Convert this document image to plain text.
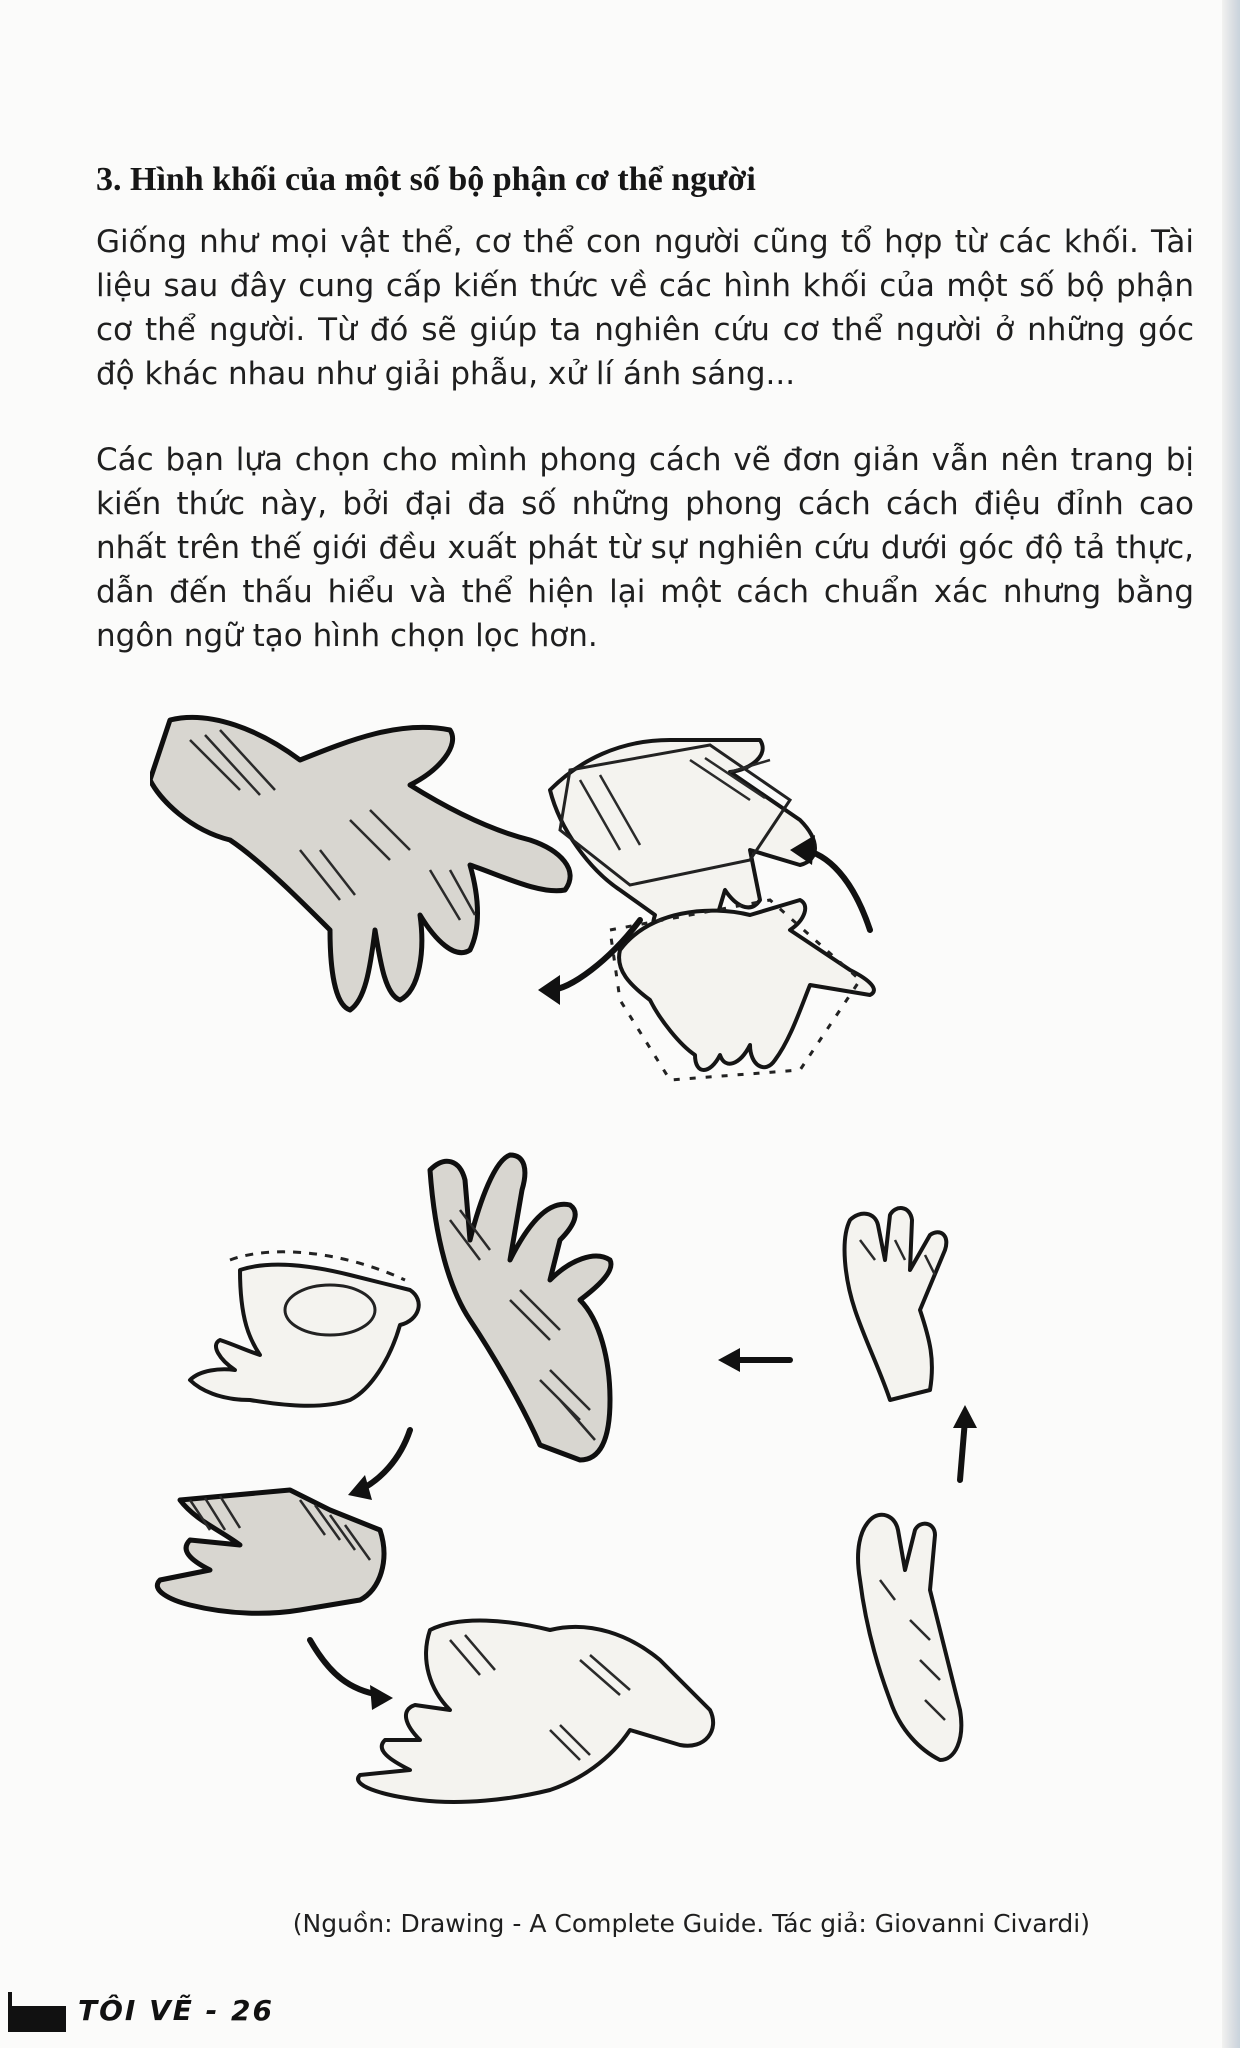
3. Hình khối của một số bộ phận cơ thể người

Giống như mọi vật thể, cơ thể con người cũng tổ hợp từ các khối. Tài liệu sau đây cung cấp kiến thức về các hình khối của một số bộ phận cơ thể người. Từ đó sẽ giúp ta nghiên cứu cơ thể người ở những góc độ khác nhau như giải phẫu, xử lí ánh sáng...

Các bạn lựa chọn cho mình phong cách vẽ đơn giản vẫn nên trang bị kiến thức này, bởi đại đa số những phong cách cách điệu đỉnh cao nhất trên thế giới đều xuất phát từ sự nghiên cứu dưới góc độ tả thực, dẫn đến thấu hiểu và thể hiện lại một cách chuẩn xác nhưng bằng ngôn ngữ tạo hình chọn lọc hơn.

(Nguồn: Drawing - A Complete Guide. Tác giả: Giovanni Civardi)

TÔI VẼ - 26
